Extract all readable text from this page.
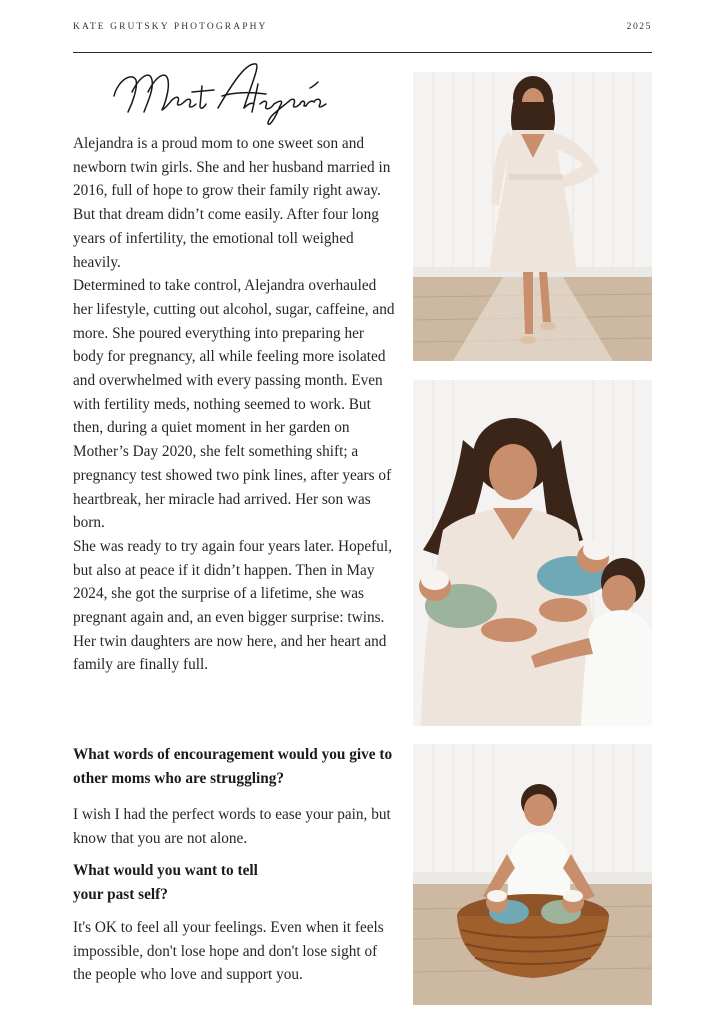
KATE GRUTSKY PHOTOGRAPHY	2025

Alejandra is a proud mom to one sweet son and newborn twin girls. She and her husband married in 2016, full of hope to grow their family right away. But that dream didn’t come easily. After four long years of infertility, the emotional toll weighed heavily.

Determined to take control, Alejandra overhauled her lifestyle, cutting out alcohol, sugar, caffeine, and more. She poured everything into preparing her body for pregnancy, all while feeling more isolated and overwhelmed with every passing month. Even with fertility meds, nothing seemed to work. But then, during a quiet moment in her garden on Mother’s Day 2020, she felt something shift; a pregnancy test showed two pink lines, after years of heartbreak, her miracle had arrived. Her son was born.

She was ready to try again four years later. Hopeful, but also at peace if it didn’t happen. Then in May 2024, she got the surprise of a lifetime, she was pregnant again and, an even bigger surprise: twins. Her twin daughters are now here, and her heart and family are finally full.

What words of encouragement would you give to other moms who are struggling?
I wish I had the perfect words to ease your pain, but know that you are not alone.
What would you want to tell
your past self?
It's OK to feel all your feelings. Even when it feels impossible, don't lose hope and don't lose sight of the people who love and support you.
